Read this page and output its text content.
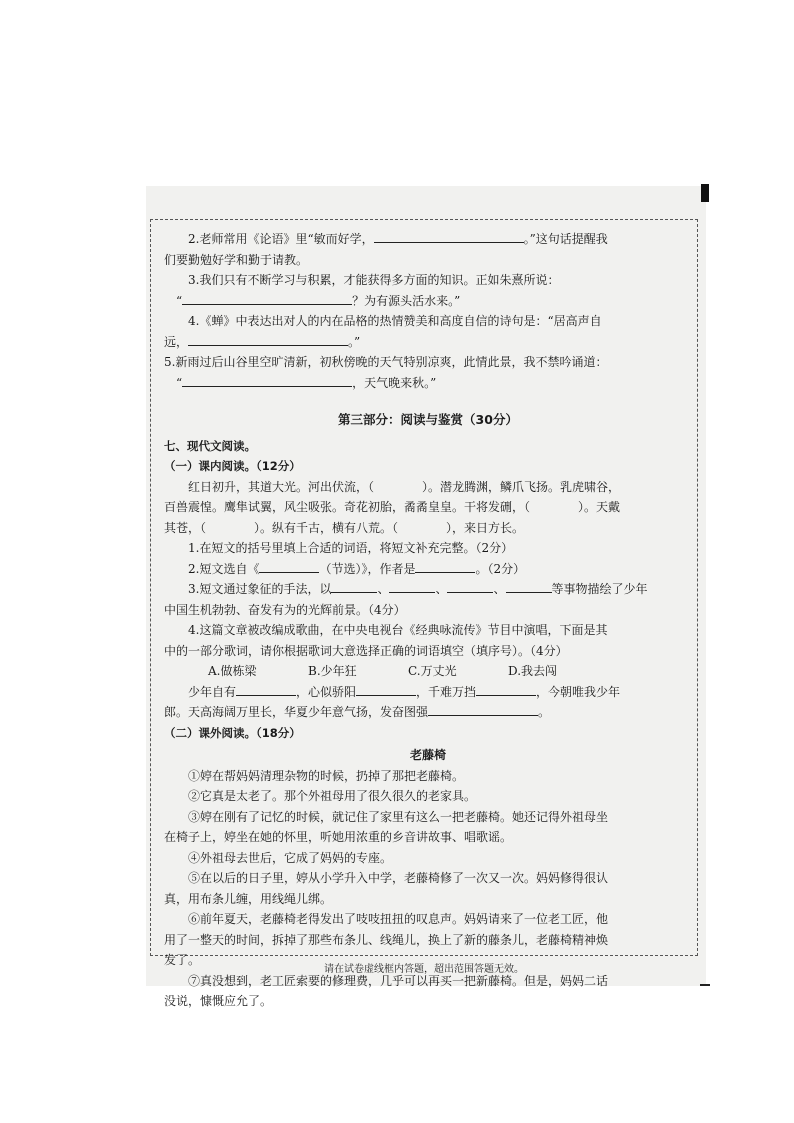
2.老师常用《论语》里“敏而好学，	。”这句话提醒我

们要勤勉好学和勤于请教。

3.我们只有不断学习与积累，才能获得多方面的知识。正如朱熹所说：

“	？为有源头活水来。”

4.《蝉》中表达出对人的内在品格的热情赞美和高度自信的诗句是：“居高声自

远，	。”

5.新雨过后山谷里空旷清新，初秋傍晚的天气特别凉爽，此情此景，我不禁吟诵道：

“	，天气晚来秋。”

第三部分：阅读与鉴赏（30分）

七、现代文阅读。

（一）课内阅读。（12分）

红日初升，其道大光。河出伏流，（　　　　）。潜龙腾渊，鳞爪飞扬。乳虎啸谷，

百兽震惶。鹰隼试翼，风尘吸张。奇花初胎，矞矞皇皇。干将发硎，（　　　　）。天戴

其苍，（　　　　）。纵有千古，横有八荒。（　　　　），来日方长。

1.在短文的括号里填上合适的词语，将短文补充完整。（2分）

2.短文选自《	（节选）》，作者是	。（2分）

3.短文通过象征的手法，以	、	、	、	等事物描绘了少年

中国生机勃勃、奋发有为的光辉前景。（4分）

4.这篇文章被改编成歌曲，在中央电视台《经典咏流传》节目中演唱，下面是其

中的一部分歌词，请你根据歌词大意选择正确的词语填空（填序号）。（4分）

A.做栋梁	B.少年狂	C.万丈光	D.我去闯

少年自有	，心似骄阳	，千难万挡	，今朝唯我少年

郎。天高海阔万里长，华夏少年意气扬，发奋图强	。

（二）课外阅读。（18分）

老藤椅

①婷在帮妈妈清理杂物的时候，扔掉了那把老藤椅。

②它真是太老了。那个外祖母用了很久很久的老家具。

③婷在刚有了记忆的时候，就记住了家里有这么一把老藤椅。她还记得外祖母坐

在椅子上，婷坐在她的怀里，听她用浓重的乡音讲故事、唱歌谣。

④外祖母去世后，它成了妈妈的专座。

⑤在以后的日子里，婷从小学升入中学，老藤椅修了一次又一次。妈妈修得很认

真，用布条儿缠，用线绳儿绑。

⑥前年夏天，老藤椅老得发出了吱吱扭扭的叹息声。妈妈请来了一位老工匠，他

用了一整天的时间，拆掉了那些布条儿、线绳儿，换上了新的藤条儿，老藤椅精神焕

发了。

⑦真没想到，老工匠索要的修理费，几乎可以再买一把新藤椅。但是，妈妈二话

没说，慷慨应允了。

请在试卷虚线框内答题，超出范围答题无效。
